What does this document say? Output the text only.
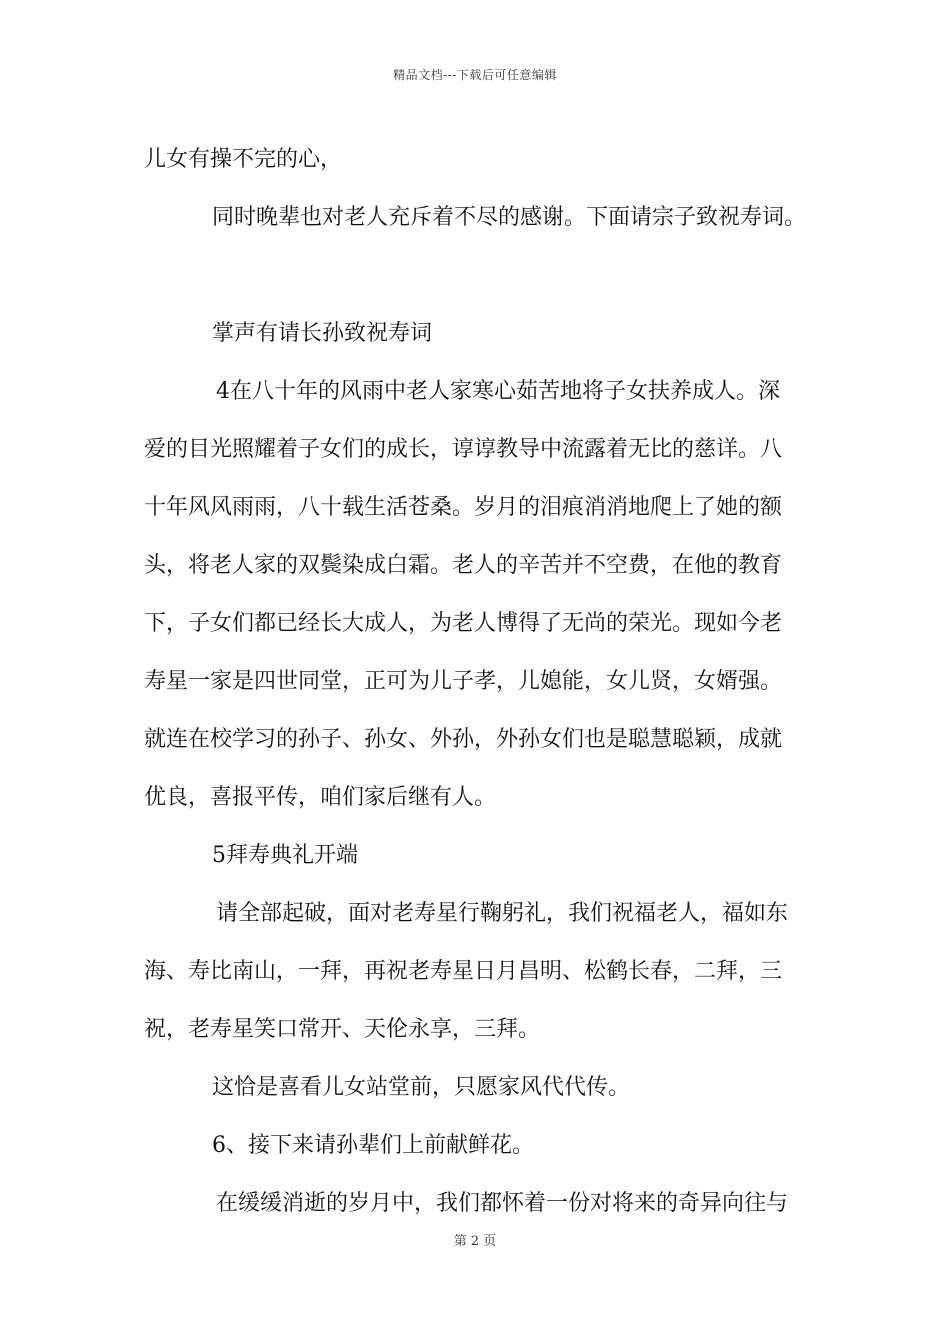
精品文档---下载后可任意编辑
儿女有操不完的心，
同时晚辈也对老人充斥着不尽的感谢。下面请宗子致祝寿词。
掌声有请长孙致祝寿词
4在八十年的风雨中老人家寒心茹苦地将子女扶养成人。深
爱的目光照耀着子女们的成长，谆谆教导中流露着无比的慈详。八
十年风风雨雨，八十载生活苍桑。岁月的泪痕消消地爬上了她的额
头，将老人家的双鬓染成白霜。老人的辛苦并不空费，在他的教育
下，子女们都已经长大成人，为老人博得了无尚的荣光。现如今老
寿星一家是四世同堂，正可为儿子孝，儿媳能，女儿贤，女婿强。
就连在校学习的孙子、孙女、外孙，外孙女们也是聪慧聪颖，成就
优良，喜报平传，咱们家后继有人。
5拜寿典礼开端
请全部起破，面对老寿星行鞠躬礼，我们祝福老人，福如东
海、寿比南山，一拜，再祝老寿星日月昌明、松鹤长春，二拜，三
祝，老寿星笑口常开、天伦永享，三拜。
这恰是喜看儿女站堂前，只愿家风代代传。
6、接下来请孙辈们上前献鲜花。
在缓缓消逝的岁月中，我们都怀着一份对将来的奇异向往与
第 2 页
